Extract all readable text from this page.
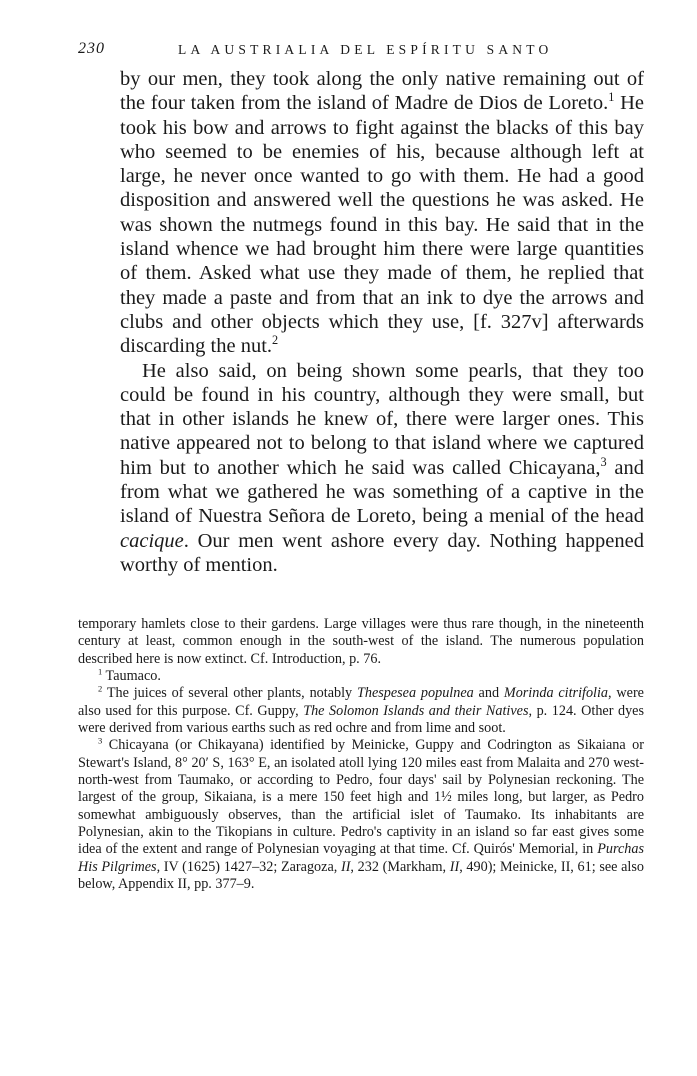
230	LA AUSTRIALIA DEL ESPÍRITU SANTO

by our men, they took along the only native remaining out of the four taken from the island of Madre de Dios de Loreto.$^1$ He took his bow and arrows to fight against the blacks of this bay who seemed to be enemies of his, because although left at large, he never once wanted to go with them. He had a good disposition and answered well the questions he was asked. He was shown the nutmegs found in this bay. He said that in the island whence we had brought him there were large quantities of them. Asked what use they made of them, he replied that they made a paste and from that an ink to dye the arrows and clubs and other objects which they use, [f. 327v] afterwards discarding the nut.$^2$

He also said, on being shown some pearls, that they too could be found in his country, although they were small, but that in other islands he knew of, there were larger ones. This native appeared not to belong to that island where we captured him but to another which he said was called Chicayana,$^3$ and from what we gathered he was something of a captive in the island of Nuestra Señora de Loreto, being a menial of the head cacique. Our men went ashore every day. Nothing happened worthy of mention.

temporary hamlets close to their gardens. Large villages were thus rare though, in the nineteenth century at least, common enough in the south-west of the island. The numerous population described here is now extinct. Cf. Introduction, p. 76.

$^1$ Taumaco.

$^2$ The juices of several other plants, notably Thespesea populnea and Morinda citrifolia, were also used for this purpose. Cf. Guppy, The Solomon Islands and their Natives, p. 124. Other dyes were derived from various earths such as red ochre and from lime and soot.

$^3$ Chicayana (or Chikayana) identified by Meinicke, Guppy and Codrington as Sikaiana or Stewart's Island, 8° 20′ S, 163° E, an isolated atoll lying 120 miles east from Malaita and 270 west-north-west from Taumako, or according to Pedro, four days' sail by Polynesian reckoning. The largest of the group, Sikaiana, is a mere 150 feet high and 1½ miles long, but larger, as Pedro somewhat ambiguously observes, than the artificial islet of Taumako. Its inhabitants are Polynesian, akin to the Tikopians in culture. Pedro's captivity in an island so far east gives some idea of the extent and range of Polynesian voyaging at that time. Cf. Quirós' Memorial, in Purchas His Pilgrimes, IV (1625) 1427–32; Zaragoza, II, 232 (Markham, II, 490); Meinicke, II, 61; see also below, Appendix II, pp. 377–9.
